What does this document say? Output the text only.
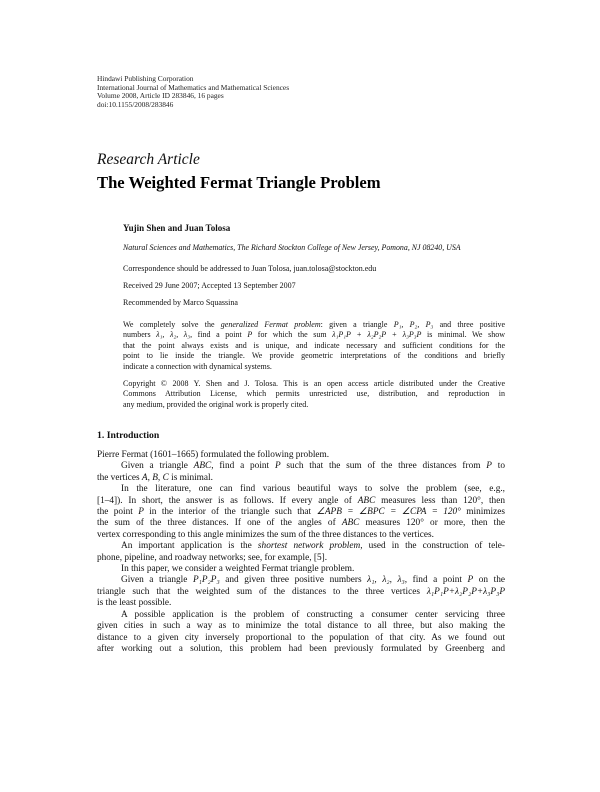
Hindawi Publishing Corporation
International Journal of Mathematics and Mathematical Sciences
Volume 2008, Article ID 283846, 16 pages
doi:10.1155/2008/283846
Research Article
The Weighted Fermat Triangle Problem
Yujin Shen and Juan Tolosa
Natural Sciences and Mathematics, The Richard Stockton College of New Jersey, Pomona, NJ 08240, USA
Correspondence should be addressed to Juan Tolosa, juan.tolosa@stockton.edu
Received 29 June 2007; Accepted 13 September 2007
Recommended by Marco Squassina
We completely solve the generalized Fermat problem: given a triangle P₁, P₂, P₃ and three positive
numbers λ₁, λ₂, λ₃, find a point P for which the sum λ₁P₁P + λ₂P₂P + λ₃P₃P is minimal. We show
that the point always exists and is unique, and indicate necessary and sufficient conditions for the
point to lie inside the triangle. We provide geometric interpretations of the conditions and briefly
indicate a connection with dynamical systems.
Copyright © 2008 Y. Shen and J. Tolosa. This is an open access article distributed under the Creative
Commons Attribution License, which permits unrestricted use, distribution, and reproduction in
any medium, provided the original work is properly cited.
1. Introduction
Pierre Fermat (1601–1665) formulated the following problem.
Given a triangle ABC, find a point P such that the sum of the three distances from P to
the vertices A, B, C is minimal.
In the literature, one can find various beautiful ways to solve the problem (see, e.g.,
[1–4]). In short, the answer is as follows. If every angle of ABC measures less than 120°, then
the point P in the interior of the triangle such that ∠APB = ∠BPC = ∠CPA = 120° minimizes
the sum of the three distances. If one of the angles of ABC measures 120° or more, then the
vertex corresponding to this angle minimizes the sum of the three distances to the vertices.
An important application is the shortest network problem, used in the construction of tele-
phone, pipeline, and roadway networks; see, for example, [5].
In this paper, we consider a weighted Fermat triangle problem.
Given a triangle P₁P₂P₃ and given three positive numbers λ₁, λ₂, λ₃, find a point P on the
triangle such that the weighted sum of the distances to the three vertices λ₁P₁P+λ₂P₂P+λ₃P₃P
is the least possible.
A possible application is the problem of constructing a consumer center servicing three
given cities in such a way as to minimize the total distance to all three, but also making the
distance to a given city inversely proportional to the population of that city. As we found out
after working out a solution, this problem had been previously formulated by Greenberg and
